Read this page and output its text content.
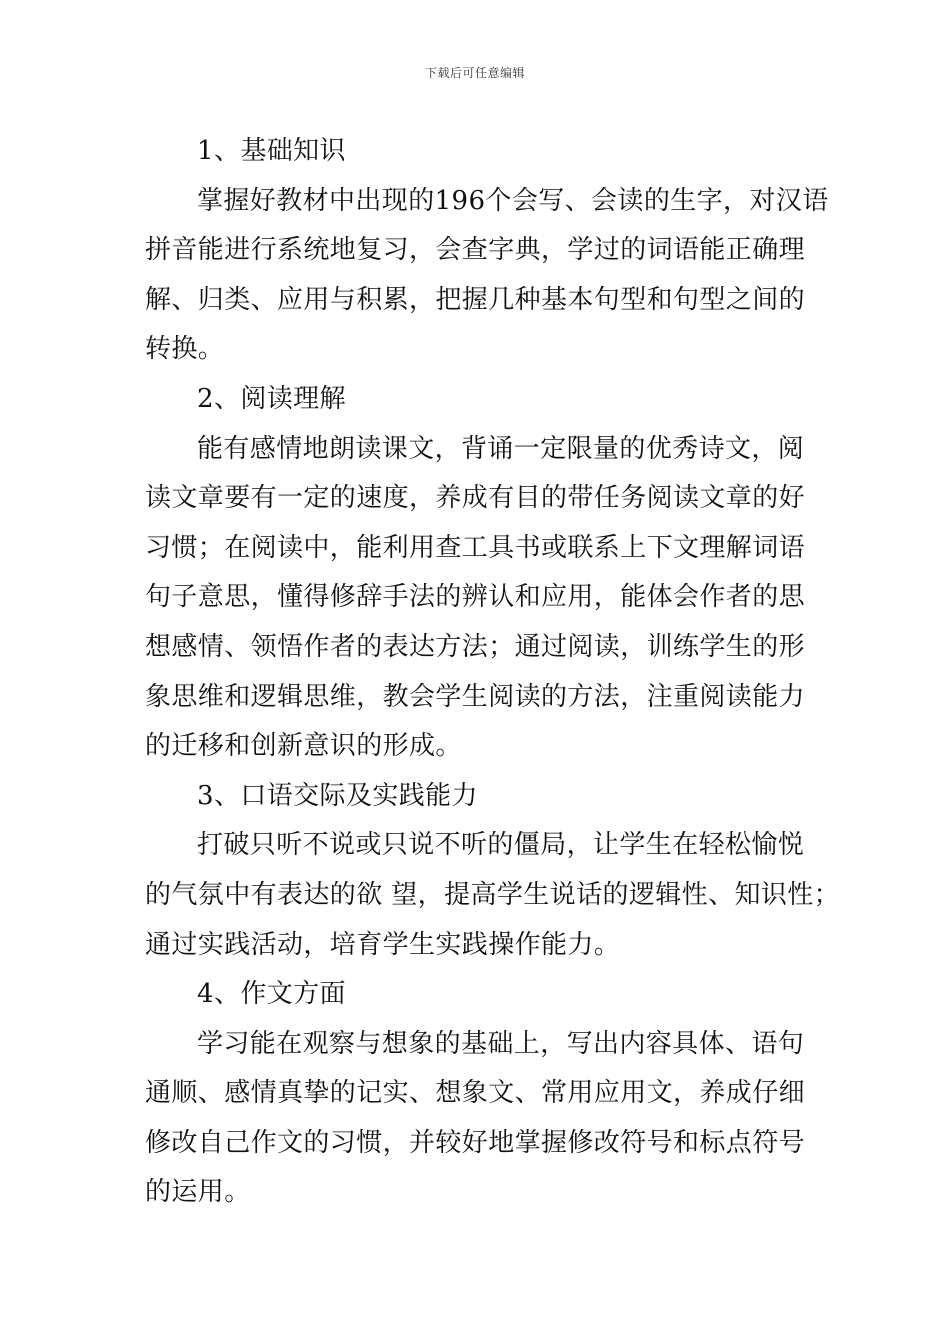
下载后可任意编辑
1、基础知识
掌握好教材中出现的196个会写、会读的生字，对汉语
拼音能进行系统地复习，会查字典，学过的词语能正确理
解、归类、应用与积累，把握几种基本句型和句型之间的
转换。
2、阅读理解
能有感情地朗读课文，背诵一定限量的优秀诗文，阅
读文章要有一定的速度，养成有目的带任务阅读文章的好
习惯；在阅读中，能利用查工具书或联系上下文理解词语
句子意思，懂得修辞手法的辨认和应用，能体会作者的思
想感情、领悟作者的表达方法；通过阅读，训练学生的形
象思维和逻辑思维，教会学生阅读的方法，注重阅读能力
的迁移和创新意识的形成。
3、口语交际及实践能力
打破只听不说或只说不听的僵局，让学生在轻松愉悦
的气氛中有表达的欲 望，提高学生说话的逻辑性、知识性；
通过实践活动，培育学生实践操作能力。
4、作文方面
学习能在观察与想象的基础上，写出内容具体、语句
通顺、感情真挚的记实、想象文、常用应用文，养成仔细
修改自己作文的习惯，并较好地掌握修改符号和标点符号
的运用。
